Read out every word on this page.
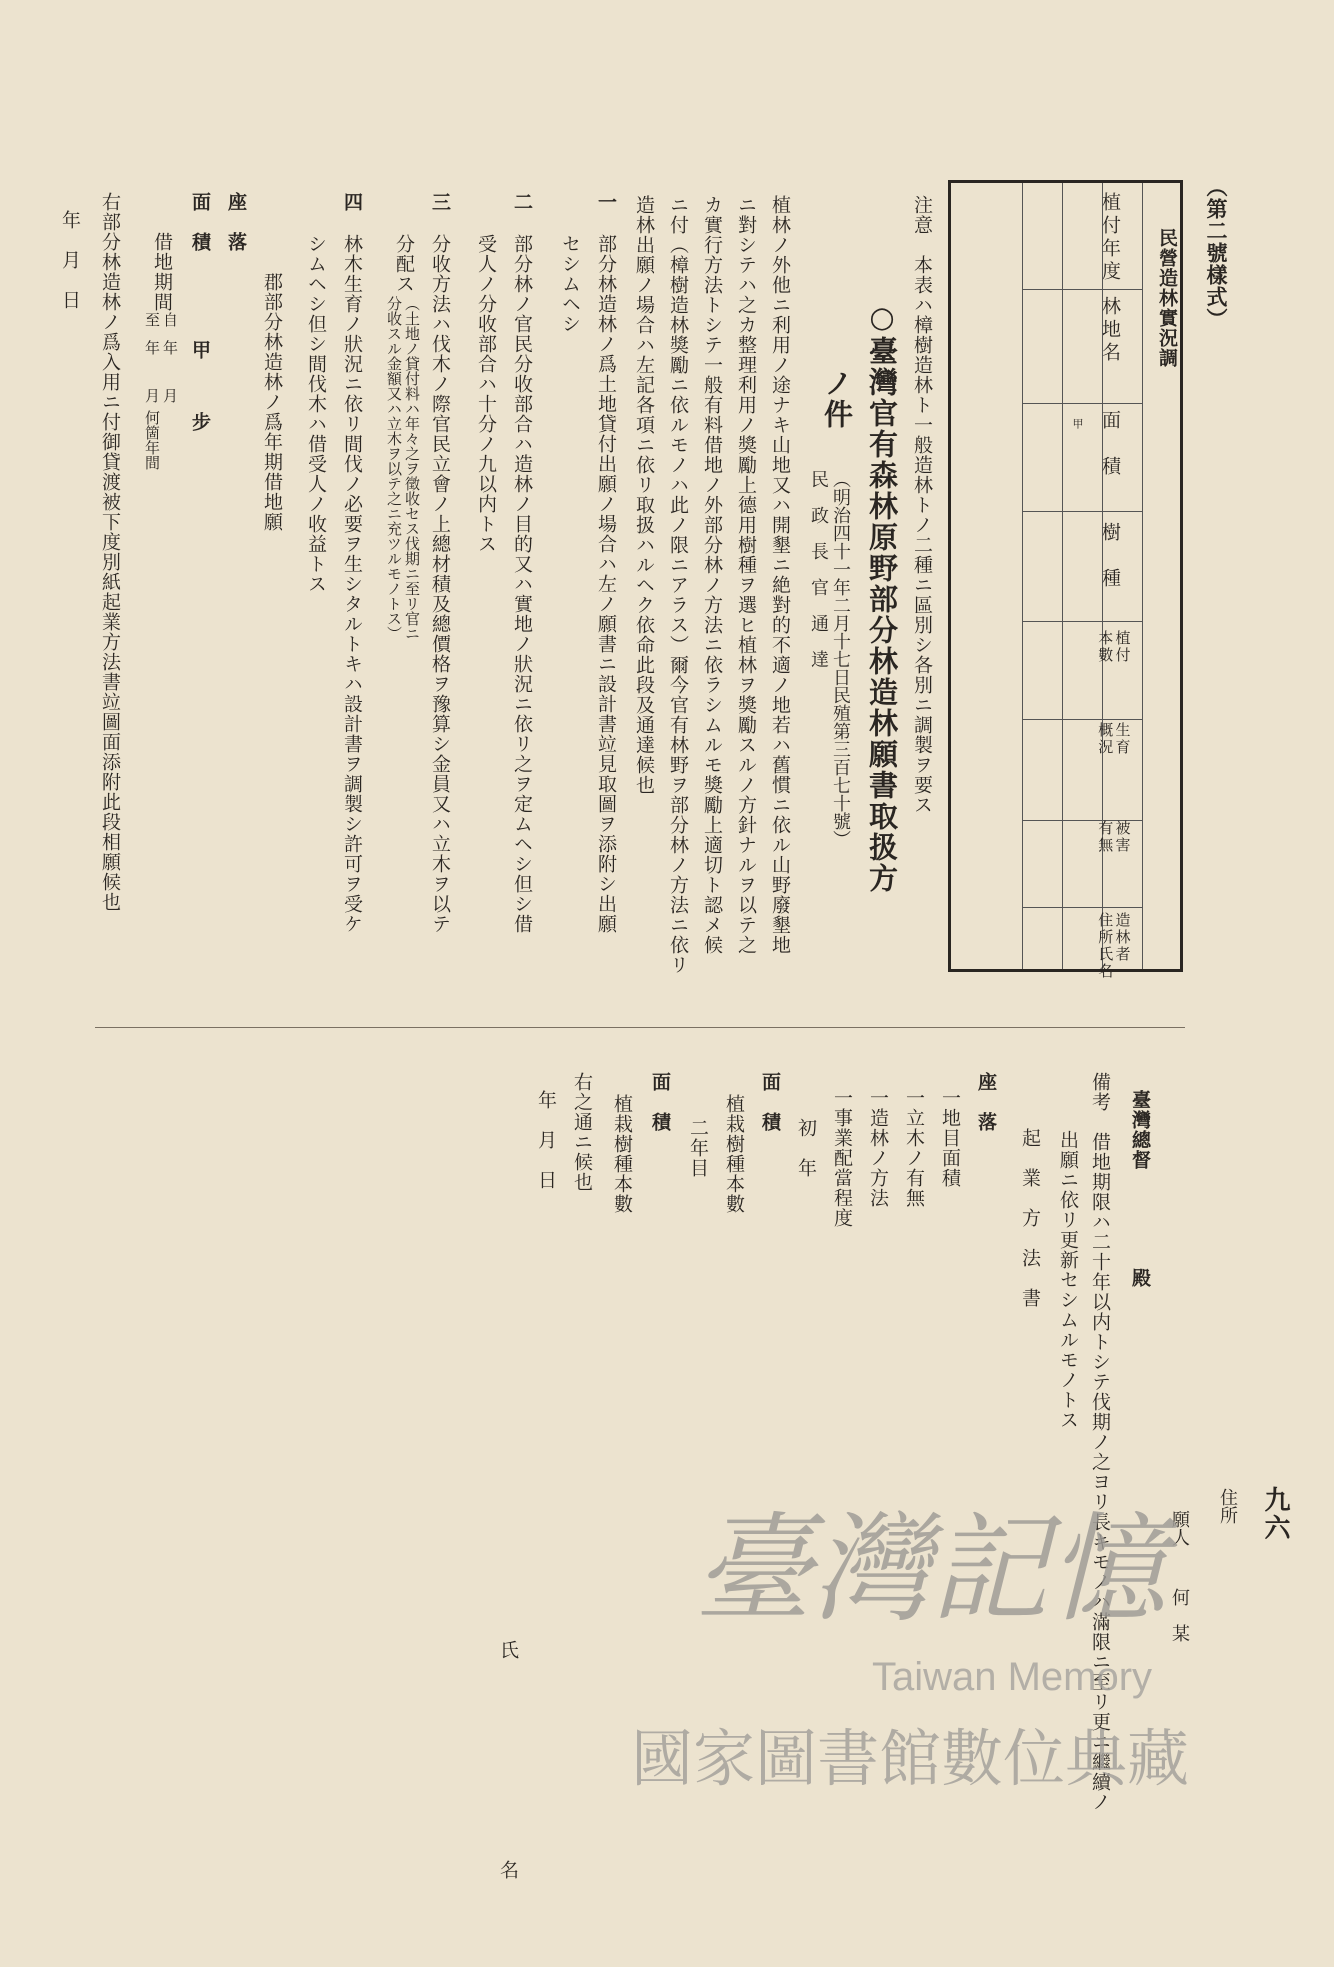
九六
（第二號樣式）
民營造林實況調
植付年度
林地名
面　積
樹　種
植付
本數
生育
概況
被害
有無
造林者
住所氏名
甲
注意　本表ハ樟樹造林ト一般造林トノ二種ニ區別シ各別ニ調製ヲ要ス
○臺灣官有森林原野部分林造林願書取扱方
ノ件
（明治四十一年二月十七日民殖第三百七十號）
民　政　長　官　通　達
植林ノ外他ニ利用ノ途ナキ山地又ハ開墾ニ絶對的不適ノ地若ハ舊慣ニ依ル山野廢墾地
ニ對シテハ之カ整理利用ノ獎勵上德用樹種ヲ選ヒ植林ヲ獎勵スルノ方針ナルヲ以テ之
カ實行方法トシテ一般有料借地ノ外部分林ノ方法ニ依ラシムルモ獎勵上適切ト認メ候
ニ付（樟樹造林獎勵ニ依ルモノハ此ノ限ニアラス）爾今官有林野ヲ部分林ノ方法ニ依リ
造林出願ノ場合ハ左記各項ニ依リ取扱ハルヘク依命此段及通達候也
一
部分林造林ノ爲土地貸付出願ノ場合ハ左ノ願書ニ設計書竝見取圖ヲ添附シ出願
セシムヘシ
二
部分林ノ官民分收部合ハ造林ノ目的又ハ實地ノ狀況ニ依リ之ヲ定ムヘシ但シ借
受人ノ分收部合ハ十分ノ九以内トス
三
分收方法ハ伐木ノ際官民立會ノ上總材積及總價格ヲ豫算シ金員又ハ立木ヲ以テ
分配ス
（土地ノ貸付料ハ年々之ヲ徵收セス伐期ニ至リ官ニ
分收スル金額又ハ立木ヲ以テ之ニ充ツルモノトス）
四
林木生育ノ狀況ニ依リ間伐ノ必要ヲ生シタルトキハ設計書ヲ調製シ許可ヲ受ケ
シムヘシ但シ間伐木ハ借受人ノ收益トス
郡部分林造林ノ爲年期借地願
座　落
面　積
甲
步
借地期間
自
至
年
年
月
月
何箇年間
右部分林造林ノ爲入用ニ付御貸渡被下度別紙起業方法書竝圖面添附此段相願候也
年　月　日
住所
願人
何　某
臺灣總督
殿
備考　借地期限ハ二十年以内トシテ伐期ノ之ヨリ長キモノハ滿限ニ至リ更ニ繼續ノ
出願ニ依リ更新セシムルモノトス
起　業　方　法　書
座　落
一地目面積
一立木ノ有無
一造林ノ方法
一事業配當程度
初　年
面　積
植栽樹種本數
二年目
面　積
植栽樹種本數
右之通ニ候也
年　月　日
氏　　　　　　　　　　名
臺灣記憶
Taiwan Memory
國家圖書館數位典藏
